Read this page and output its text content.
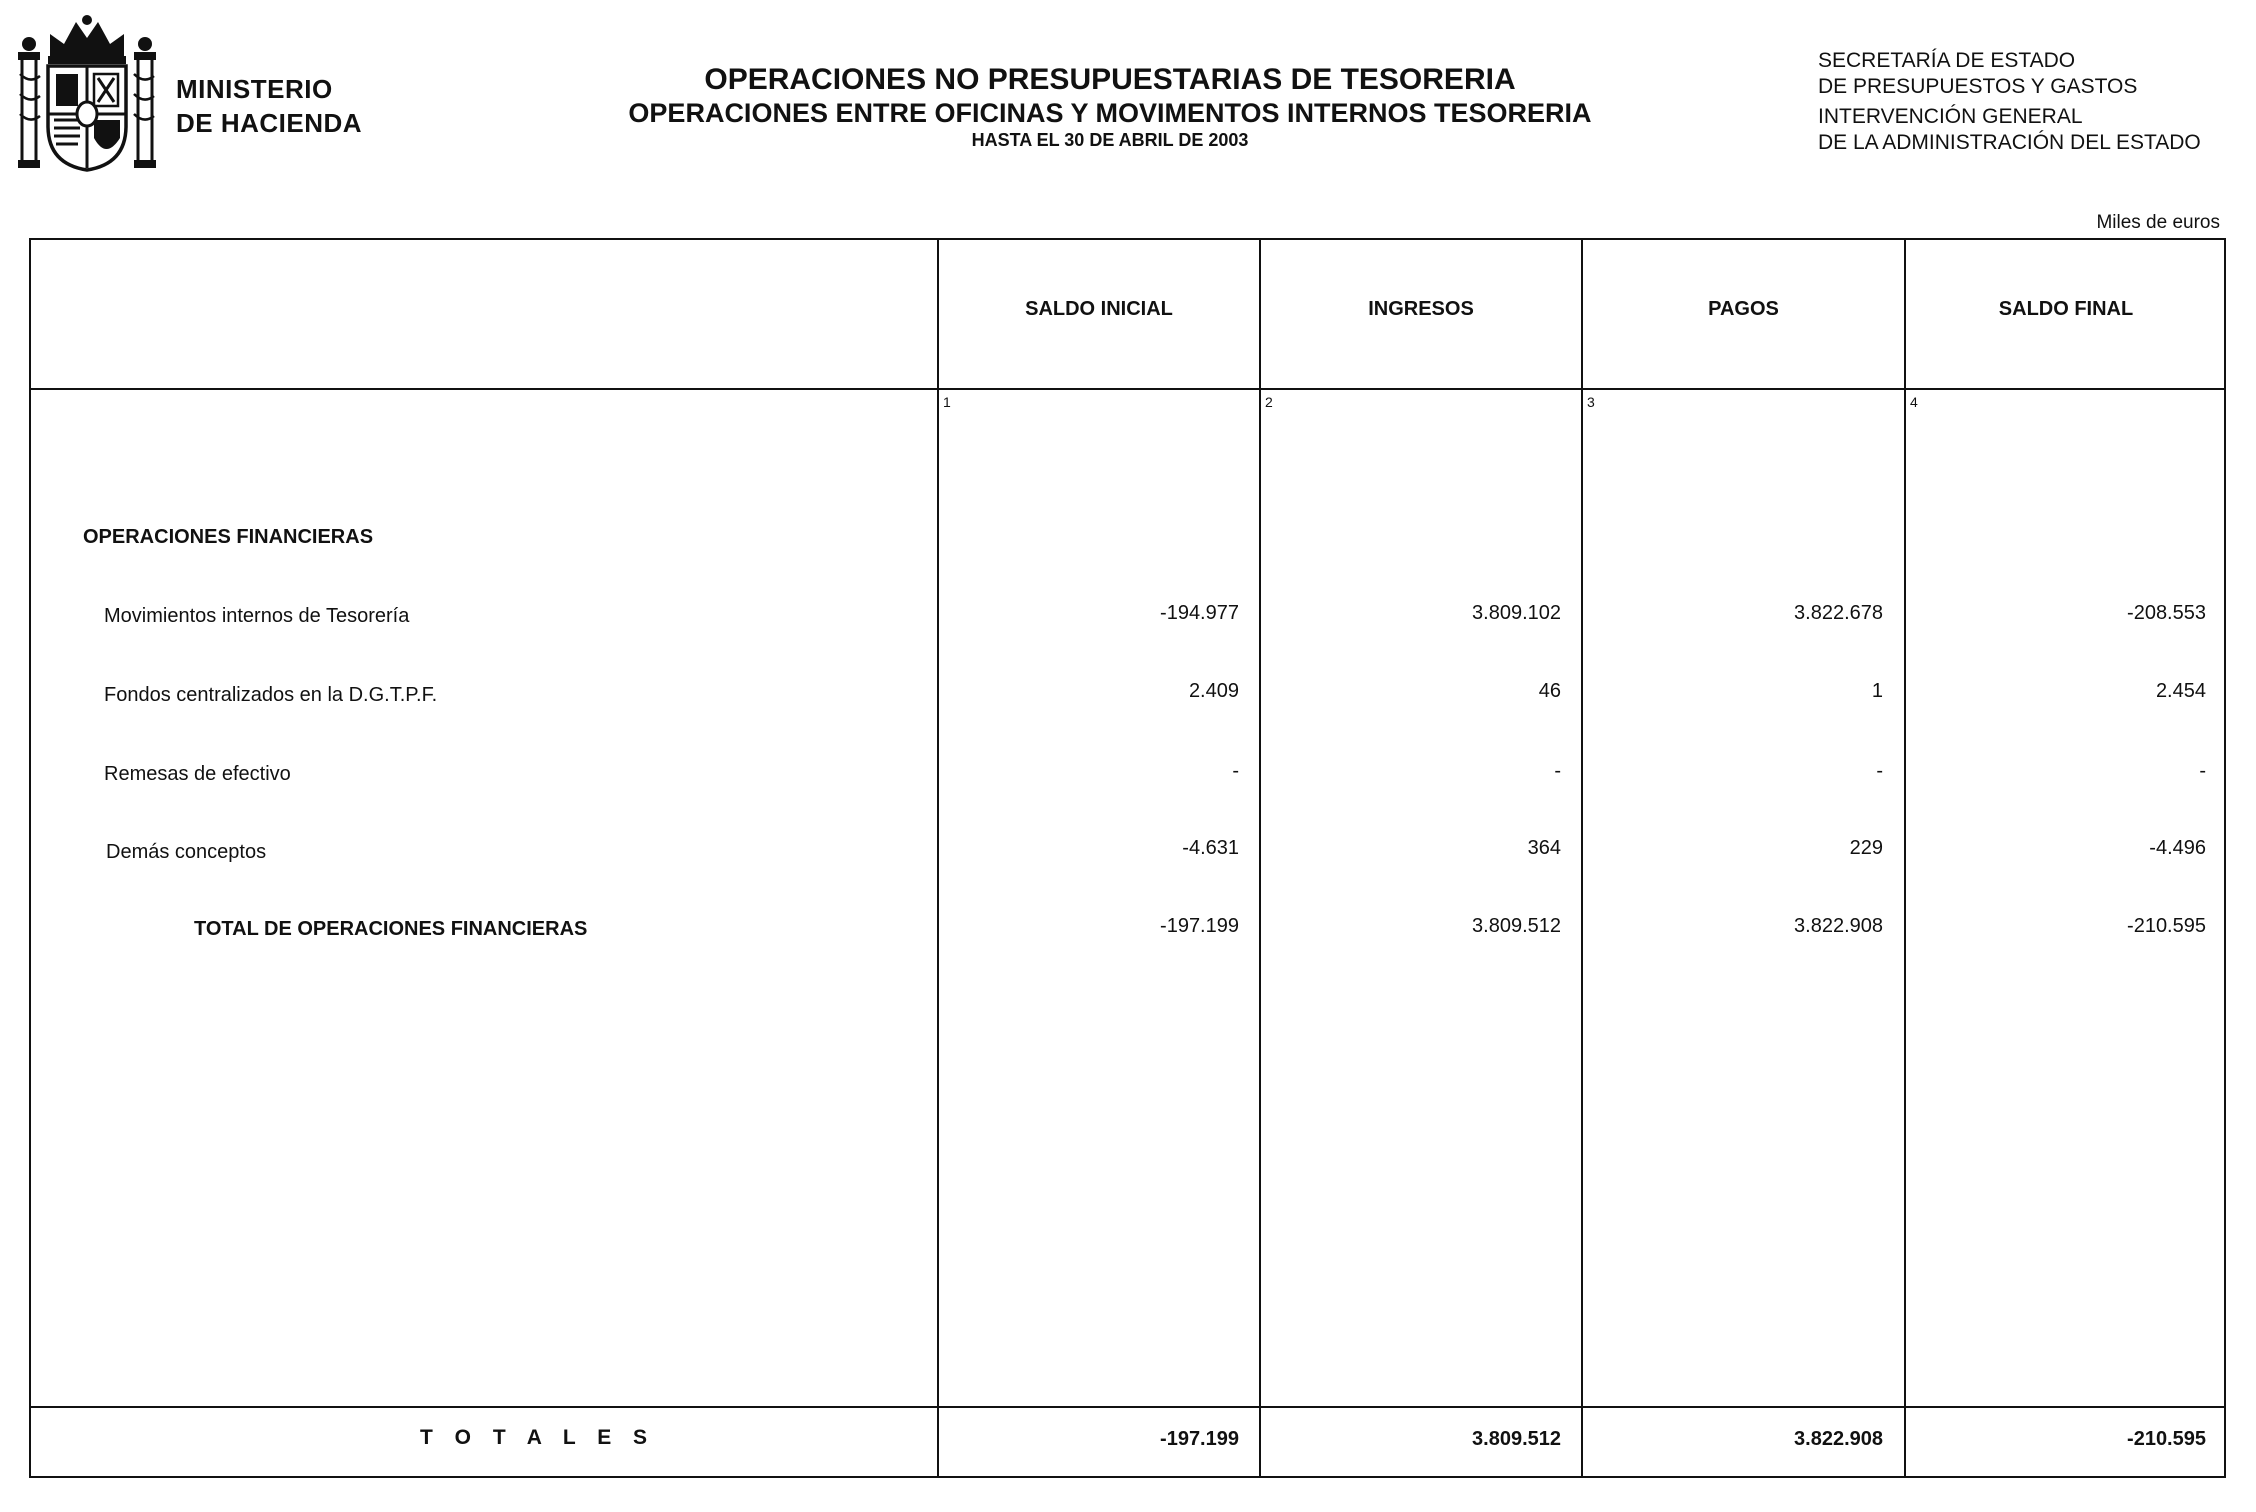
MINISTERIO
DE HACIENDA
OPERACIONES NO PRESUPUESTARIAS DE TESORERIA
OPERACIONES ENTRE OFICINAS Y MOVIMENTOS INTERNOS TESORERIA
HASTA EL 30 DE ABRIL DE 2003
SECRETARÍA DE ESTADO
DE PRESUPUESTOS Y GASTOS
INTERVENCIÓN GENERAL
DE LA ADMINISTRACIÓN DEL ESTADO
Miles de euros
SALDO INICIAL	INGRESOS	PAGOS	SALDO FINAL
1	2	3	4
OPERACIONES FINANCIERAS
Movimientos internos de Tesorería	-194.977	3.809.102	3.822.678	-208.553
Fondos centralizados en la D.G.T.P.F.	2.409	46	1	2.454
Remesas de efectivo	-	-	-	-
Demás conceptos	-4.631	364	229	-4.496
TOTAL DE OPERACIONES FINANCIERAS	-197.199	3.809.512	3.822.908	-210.595
T O T A L E S	-197.199	3.809.512	3.822.908	-210.595
